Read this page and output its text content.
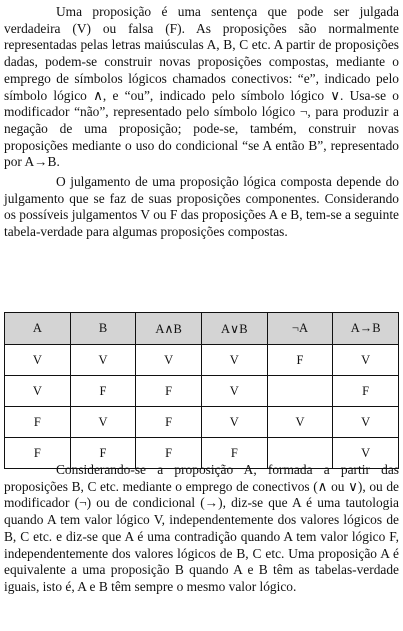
Uma proposição é uma sentença que pode ser julgada verdadeira (V) ou falsa (F). As proposições são normalmente representadas pelas letras maiúsculas A, B, C etc. A partir de proposições dadas, podem-se construir novas proposições compostas, mediante o emprego de símbolos lógicos chamados conectivos: “e”, indicado pelo símbolo lógico ∧, e “ou”, indicado pelo símbolo lógico ∨. Usa-se o modificador “não”, representado pelo símbolo lógico ¬, para produzir a negação de uma proposição; pode-se, também, construir novas proposições mediante o uso do condicional “se A então B”, representado por A→B.

O julgamento de uma proposição lógica composta depende do julgamento que se faz de suas proposições componentes. Considerando os possíveis julgamentos V ou F das proposições A e B, tem-se a seguinte tabela-verdade para algumas proposições compostas.

A	B	A∧B	A∨B	¬A	A→B
V	V	V	V	F	V
V	F	F	V		F
F	V	F	V	V	V
F	F	F	F		V

Considerando-se a proposição A, formada a partir das proposições B, C etc. mediante o emprego de conectivos (∧ ou ∨), ou de modificador (¬) ou de condicional (→), diz-se que A é uma tautologia quando A tem valor lógico V, independentemente dos valores lógicos de B, C etc. e diz-se que A é uma contradição quando A tem valor lógico F, independentemente dos valores lógicos de B, C etc. Uma proposição A é equivalente a uma proposição B quando A e B têm as tabelas-verdade iguais, isto é, A e B têm sempre o mesmo valor lógico.
